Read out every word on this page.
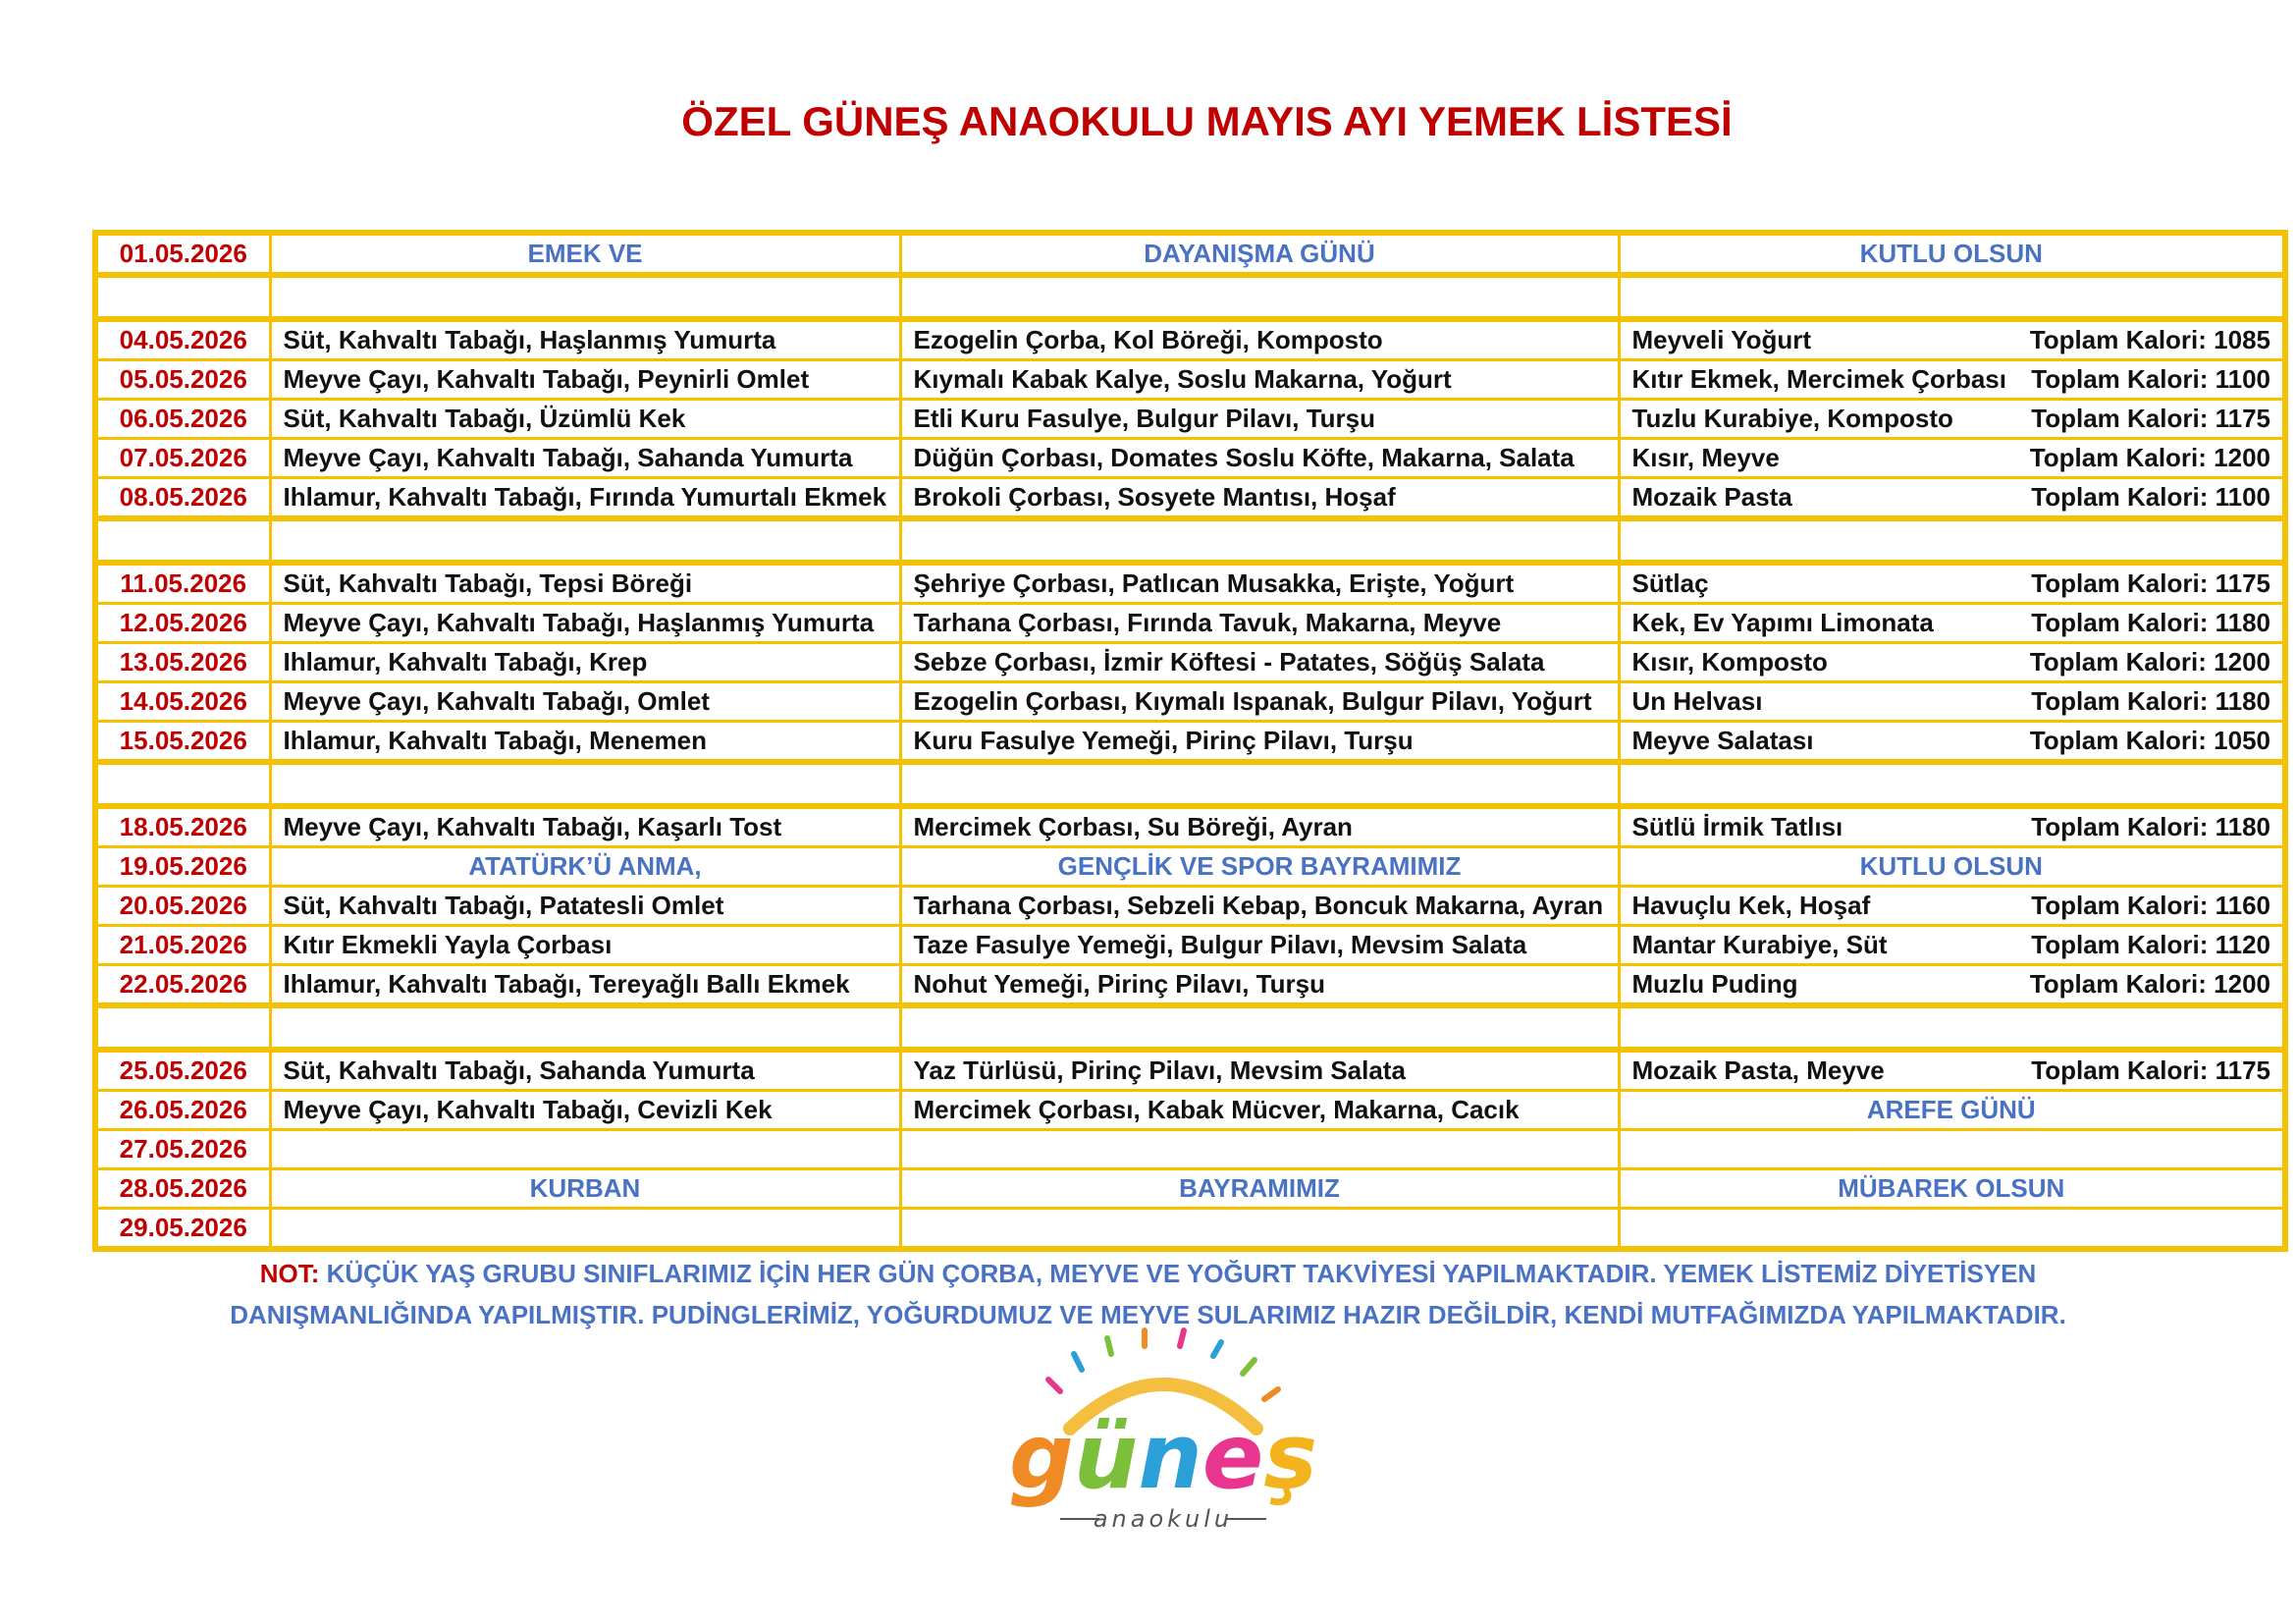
ÖZEL GÜNEŞ ANAOKULU MAYIS AYI YEMEK LİSTESİ
01.05.2026	EMEK VE	DAYANIŞMA GÜNÜ	KUTLU OLSUN

04.05.2026	Süt, Kahvaltı Tabağı, Haşlanmış Yumurta	Ezogelin Çorba, Kol Böreği, Komposto	Meyveli Yoğurt Toplam Kalori: 1085

05.05.2026	Meyve Çayı, Kahvaltı Tabağı, Peynirli Omlet	Kıymalı Kabak Kalye, Soslu Makarna, Yoğurt	Kıtır Ekmek, Mercimek Çorbası Toplam Kalori: 1100

06.05.2026	Süt, Kahvaltı Tabağı, Üzümlü Kek	Etli Kuru Fasulye, Bulgur Pilavı, Turşu	Tuzlu Kurabiye, Komposto Toplam Kalori: 1175

07.05.2026	Meyve Çayı, Kahvaltı Tabağı, Sahanda Yumurta	Düğün Çorbası, Domates Soslu Köfte, Makarna, Salata	Kısır, Meyve Toplam Kalori: 1200

08.05.2026	Ihlamur, Kahvaltı Tabağı, Fırında Yumurtalı Ekmek	Brokoli Çorbası, Sosyete Mantısı, Hoşaf	Mozaik Pasta Toplam Kalori: 1100

11.05.2026	Süt, Kahvaltı Tabağı, Tepsi Böreği	Şehriye Çorbası, Patlıcan Musakka, Erişte, Yoğurt	Sütlaç Toplam Kalori: 1175

12.05.2026	Meyve Çayı, Kahvaltı Tabağı, Haşlanmış Yumurta	Tarhana Çorbası, Fırında Tavuk, Makarna, Meyve	Kek, Ev Yapımı Limonata Toplam Kalori: 1180

13.05.2026	Ihlamur, Kahvaltı Tabağı, Krep	Sebze Çorbası, İzmir Köftesi - Patates, Söğüş Salata	Kısır, Komposto Toplam Kalori: 1200

14.05.2026	Meyve Çayı, Kahvaltı Tabağı, Omlet	Ezogelin Çorbası, Kıymalı Ispanak, Bulgur Pilavı, Yoğurt	Un Helvası Toplam Kalori: 1180

15.05.2026	Ihlamur, Kahvaltı Tabağı, Menemen	Kuru Fasulye Yemeği, Pirinç Pilavı, Turşu	Meyve Salatası Toplam Kalori: 1050

18.05.2026	Meyve Çayı, Kahvaltı Tabağı, Kaşarlı Tost	Mercimek Çorbası, Su Böreği, Ayran	Sütlü İrmik Tatlısı Toplam Kalori: 1180

19.05.2026	ATATÜRK’Ü ANMA,	GENÇLİK VE SPOR BAYRAMIMIZ	KUTLU OLSUN
20.05.2026	Süt, Kahvaltı Tabağı, Patatesli Omlet	Tarhana Çorbası, Sebzeli Kebap, Boncuk Makarna, Ayran	Havuçlu Kek, Hoşaf Toplam Kalori: 1160

21.05.2026	Kıtır Ekmekli Yayla Çorbası	Taze Fasulye Yemeği, Bulgur Pilavı, Mevsim Salata	Mantar Kurabiye, Süt Toplam Kalori: 1120

22.05.2026	Ihlamur, Kahvaltı Tabağı, Tereyağlı Ballı Ekmek	Nohut Yemeği, Pirinç Pilavı, Turşu	Muzlu Puding Toplam Kalori: 1200

25.05.2026	Süt, Kahvaltı Tabağı, Sahanda Yumurta	Yaz Türlüsü, Pirinç Pilavı, Mevsim Salata	Mozaik Pasta, Meyve Toplam Kalori: 1175

26.05.2026	Meyve Çayı, Kahvaltı Tabağı, Cevizli Kek	Mercimek Çorbası, Kabak Mücver, Makarna, Cacık	AREFE GÜNÜ
27.05.2026			
28.05.2026	KURBAN	BAYRAMIMIZ	MÜBAREK OLSUN
29.05.2026			
NOT: KÜÇÜK YAŞ GRUBU SINIFLARIMIZ İÇİN HER GÜN ÇORBA, MEYVE VE YOĞURT TAKVİYESİ YAPILMAKTADIR. YEMEK LİSTEMİZ DİYETİSYEN
DANIŞMANLIĞINDA YAPILMIŞTIR. PUDİNGLERİMİZ, YOĞURDUMUZ VE MEYVE SULARIMIZ HAZIR DEĞİLDİR, KENDİ MUTFAĞIMIZDA YAPILMAKTADIR.
güneş
anaokulu
